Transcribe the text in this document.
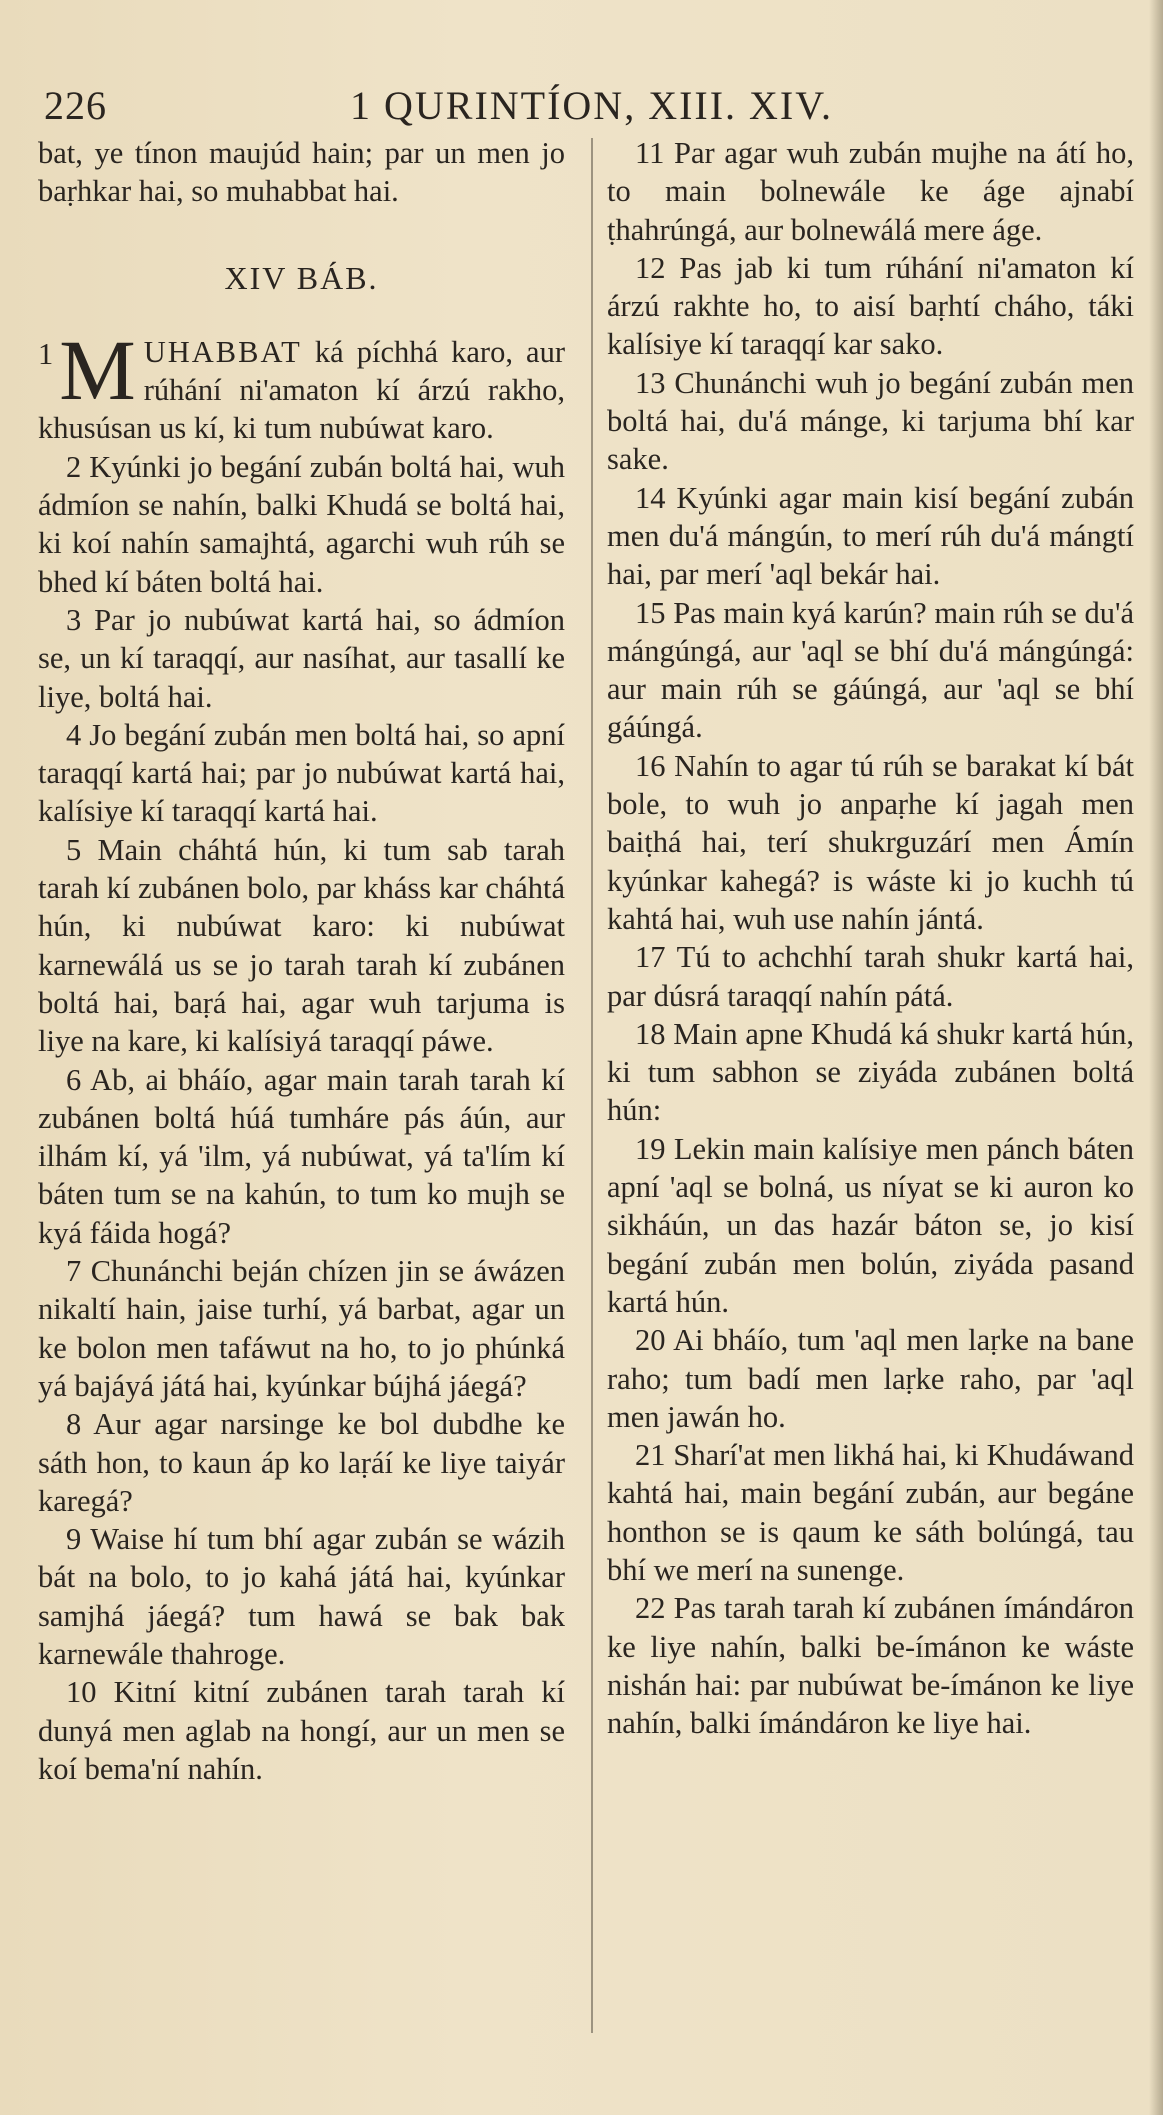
226	1 QURINTÍON, XIII. XIV.

bat, ye tínon maujúd hain; par un men jo baṛhkar hai, so muhabbat hai.

XIV BÁB.

1 M UHABBAT ká píchhá karo, aur rúhání ni'amaton kí árzú rakho, khusúsan us kí, ki tum nubúwat karo.

2 Kyúnki jo begání zubán boltá hai, wuh ádmíon se nahín, balki Khudá se boltá hai, ki koí nahín samajhtá, agarchi wuh rúh se bhed kí báten boltá hai.

3 Par jo nubúwat kartá hai, so ádmíon se, un kí taraqqí, aur nasíhat, aur tasallí ke liye, boltá hai.

4 Jo begání zubán men boltá hai, so apní taraqqí kartá hai; par jo nubúwat kartá hai, kalísiye kí taraqqí kartá hai.

5 Main cháhtá hún, ki tum sab tarah tarah kí zubánen bolo, par kháss kar cháhtá hún, ki nubúwat karo: ki nubúwat karnewálá us se jo tarah tarah kí zubánen boltá hai, baṛá hai, agar wuh tarjuma is liye na kare, ki kalísiyá taraqqí páwe.

6 Ab, ai bháío, agar main tarah tarah kí zubánen boltá húá tumháre pás áún, aur ilhám kí, yá 'ilm, yá nubúwat, yá ta'lím kí báten tum se na kahún, to tum ko mujh se kyá fáida hogá?

7 Chunánchi beján chízen jin se áwázen nikaltí hain, jaise turhí, yá barbat, agar un ke bolon men tafáwut na ho, to jo phúnká yá bajáyá játá hai, kyúnkar bújhá jáegá?

8 Aur agar narsinge ke bol dubdhe ke sáth hon, to kaun áp ko laṛáí ke liye taiyár karegá?

9 Waise hí tum bhí agar zubán se wázih bát na bolo, to jo kahá játá hai, kyúnkar samjhá jáegá? tum hawá se bak bak karnewále thahroge.

10 Kitní kitní zubánen tarah tarah kí dunyá men aglab na hongí, aur un men se koí bema'ní nahín.

11 Par agar wuh zubán mujhe na átí ho, to main bolnewále ke áge ajnabí ṭhahrúngá, aur bolnewálá mere áge.

12 Pas jab ki tum rúhání ni'amaton kí árzú rakhte ho, to aisí baṛhtí cháho, táki kalísiye kí taraqqí kar sako.

13 Chunánchi wuh jo begání zubán men boltá hai, du'á mánge, ki tarjuma bhí kar sake.

14 Kyúnki agar main kisí begání zubán men du'á mángún, to merí rúh du'á mángtí hai, par merí 'aql bekár hai.

15 Pas main kyá karún? main rúh se du'á mángúngá, aur 'aql se bhí du'á mángúngá: aur main rúh se gáúngá, aur 'aql se bhí gáúngá.

16 Nahín to agar tú rúh se barakat kí bát bole, to wuh jo anpaṛhe kí jagah men baiṭhá hai, terí shukrguzárí men Ámín kyúnkar kahegá? is wáste ki jo kuchh tú kahtá hai, wuh use nahín jántá.

17 Tú to achchhí tarah shukr kartá hai, par dúsrá taraqqí nahín pátá.

18 Main apne Khudá ká shukr kartá hún, ki tum sabhon se ziyáda zubánen boltá hún:

19 Lekin main kalísiye men pánch báten apní 'aql se bolná, us níyat se ki auron ko sikháún, un das hazár báton se, jo kisí begání zubán men bolún, ziyáda pasand kartá hún.

20 Ai bháío, tum 'aql men laṛke na bane raho; tum badí men laṛke raho, par 'aql men jawán ho.

21 Sharí'at men likhá hai, ki Khudáwand kahtá hai, main begání zubán, aur begáne honthon se is qaum ke sáth bolúngá, tau bhí we merí na sunenge.

22 Pas tarah tarah kí zubánen ímándáron ke liye nahín, balki be-ímánon ke wáste nishán hai: par nubúwat be-ímánon ke liye nahín, balki ímándáron ke liye hai.
